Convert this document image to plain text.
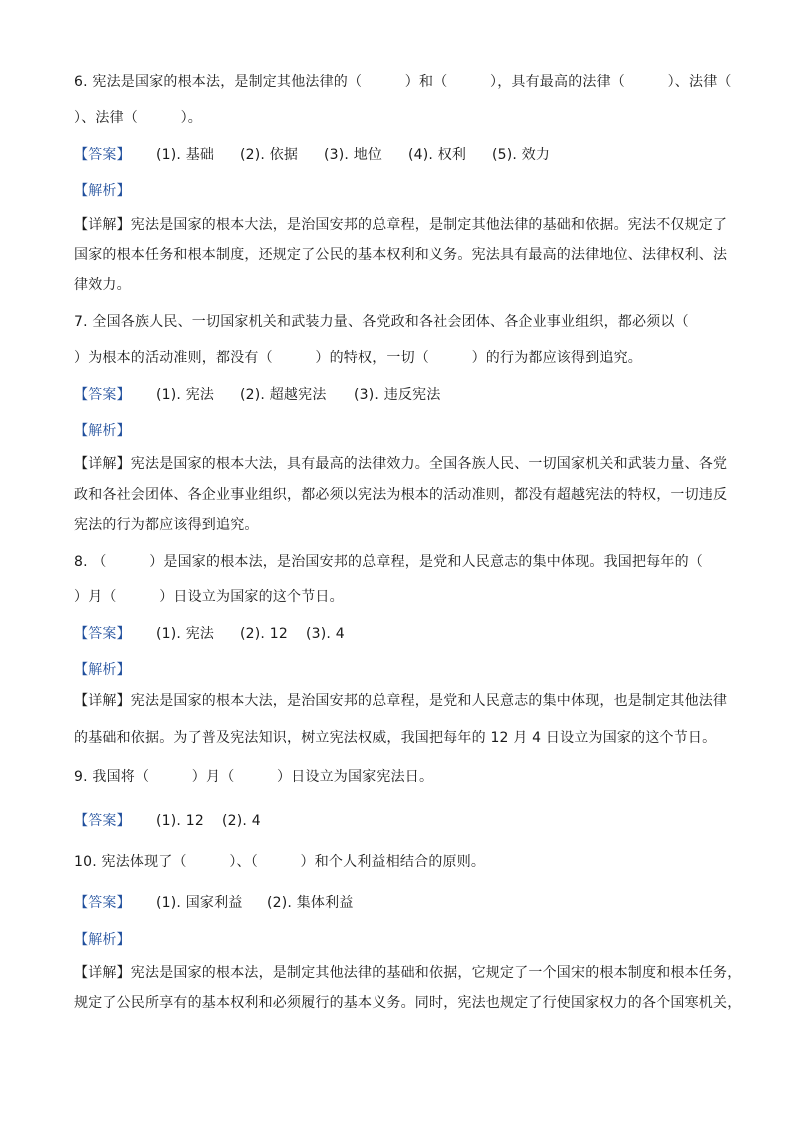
6. 宪法是国家的根本法，是制定其他法律的（　　　）和（　　　），具有最高的法律（　　　）、法律（
）、法律（　　　）。
【答案】 (1). 基础 (2). 依据 (3). 地位 (4). 权利 (5). 效力
【解析】
【详解】宪法是国家的根本大法，是治国安邦的总章程，是制定其他法律的基础和依据。宪法不仅规定了
国家的根本任务和根本制度，还规定了公民的基本权利和义务。宪法具有最高的法律地位、法律权利、法
律效力。
7. 全国各族人民、一切国家机关和武装力量、各党政和各社会团体、各企业事业组织，都必须以（
）为根本的活动准则，都没有（　　　）的特权，一切（　　　）的行为都应该得到追究。
【答案】 (1). 宪法 (2). 超越宪法 (3). 违反宪法
【解析】
【详解】宪法是国家的根本大法，具有最高的法律效力。全国各族人民、一切国家机关和武装力量、各党
政和各社会团体、各企业事业组织，都必须以宪法为根本的活动准则，都没有超越宪法的特权，一切违反
宪法的行为都应该得到追究。
8. （　　　）是国家的根本法，是治国安邦的总章程，是党和人民意志的集中体现。我国把每年的（
）月（　　　）日设立为国家的这个节日。
【答案】 (1). 宪法 (2). 12 (3). 4
【解析】
【详解】宪法是国家的根本大法，是治国安邦的总章程，是党和人民意志的集中体现，也是制定其他法律
的基础和依据。为了普及宪法知识，树立宪法权威，我国把每年的 12 月 4 日设立为国家的这个节日。
9. 我国将（　　　）月（　　　）日设立为国家宪法日。
【答案】 (1). 12 (2). 4
10. 宪法体现了（　　　）、（　　　）和个人利益相结合的原则。
【答案】 (1). 国家利益 (2). 集体利益
【解析】
【详解】宪法是国家的根本法，是制定其他法律的基础和依据，它规定了一个国宋的根本制度和根本任务，
规定了公民所享有的基本权利和必须履行的基本义务。同时，宪法也规定了行使国家权力的各个国寒机关，
